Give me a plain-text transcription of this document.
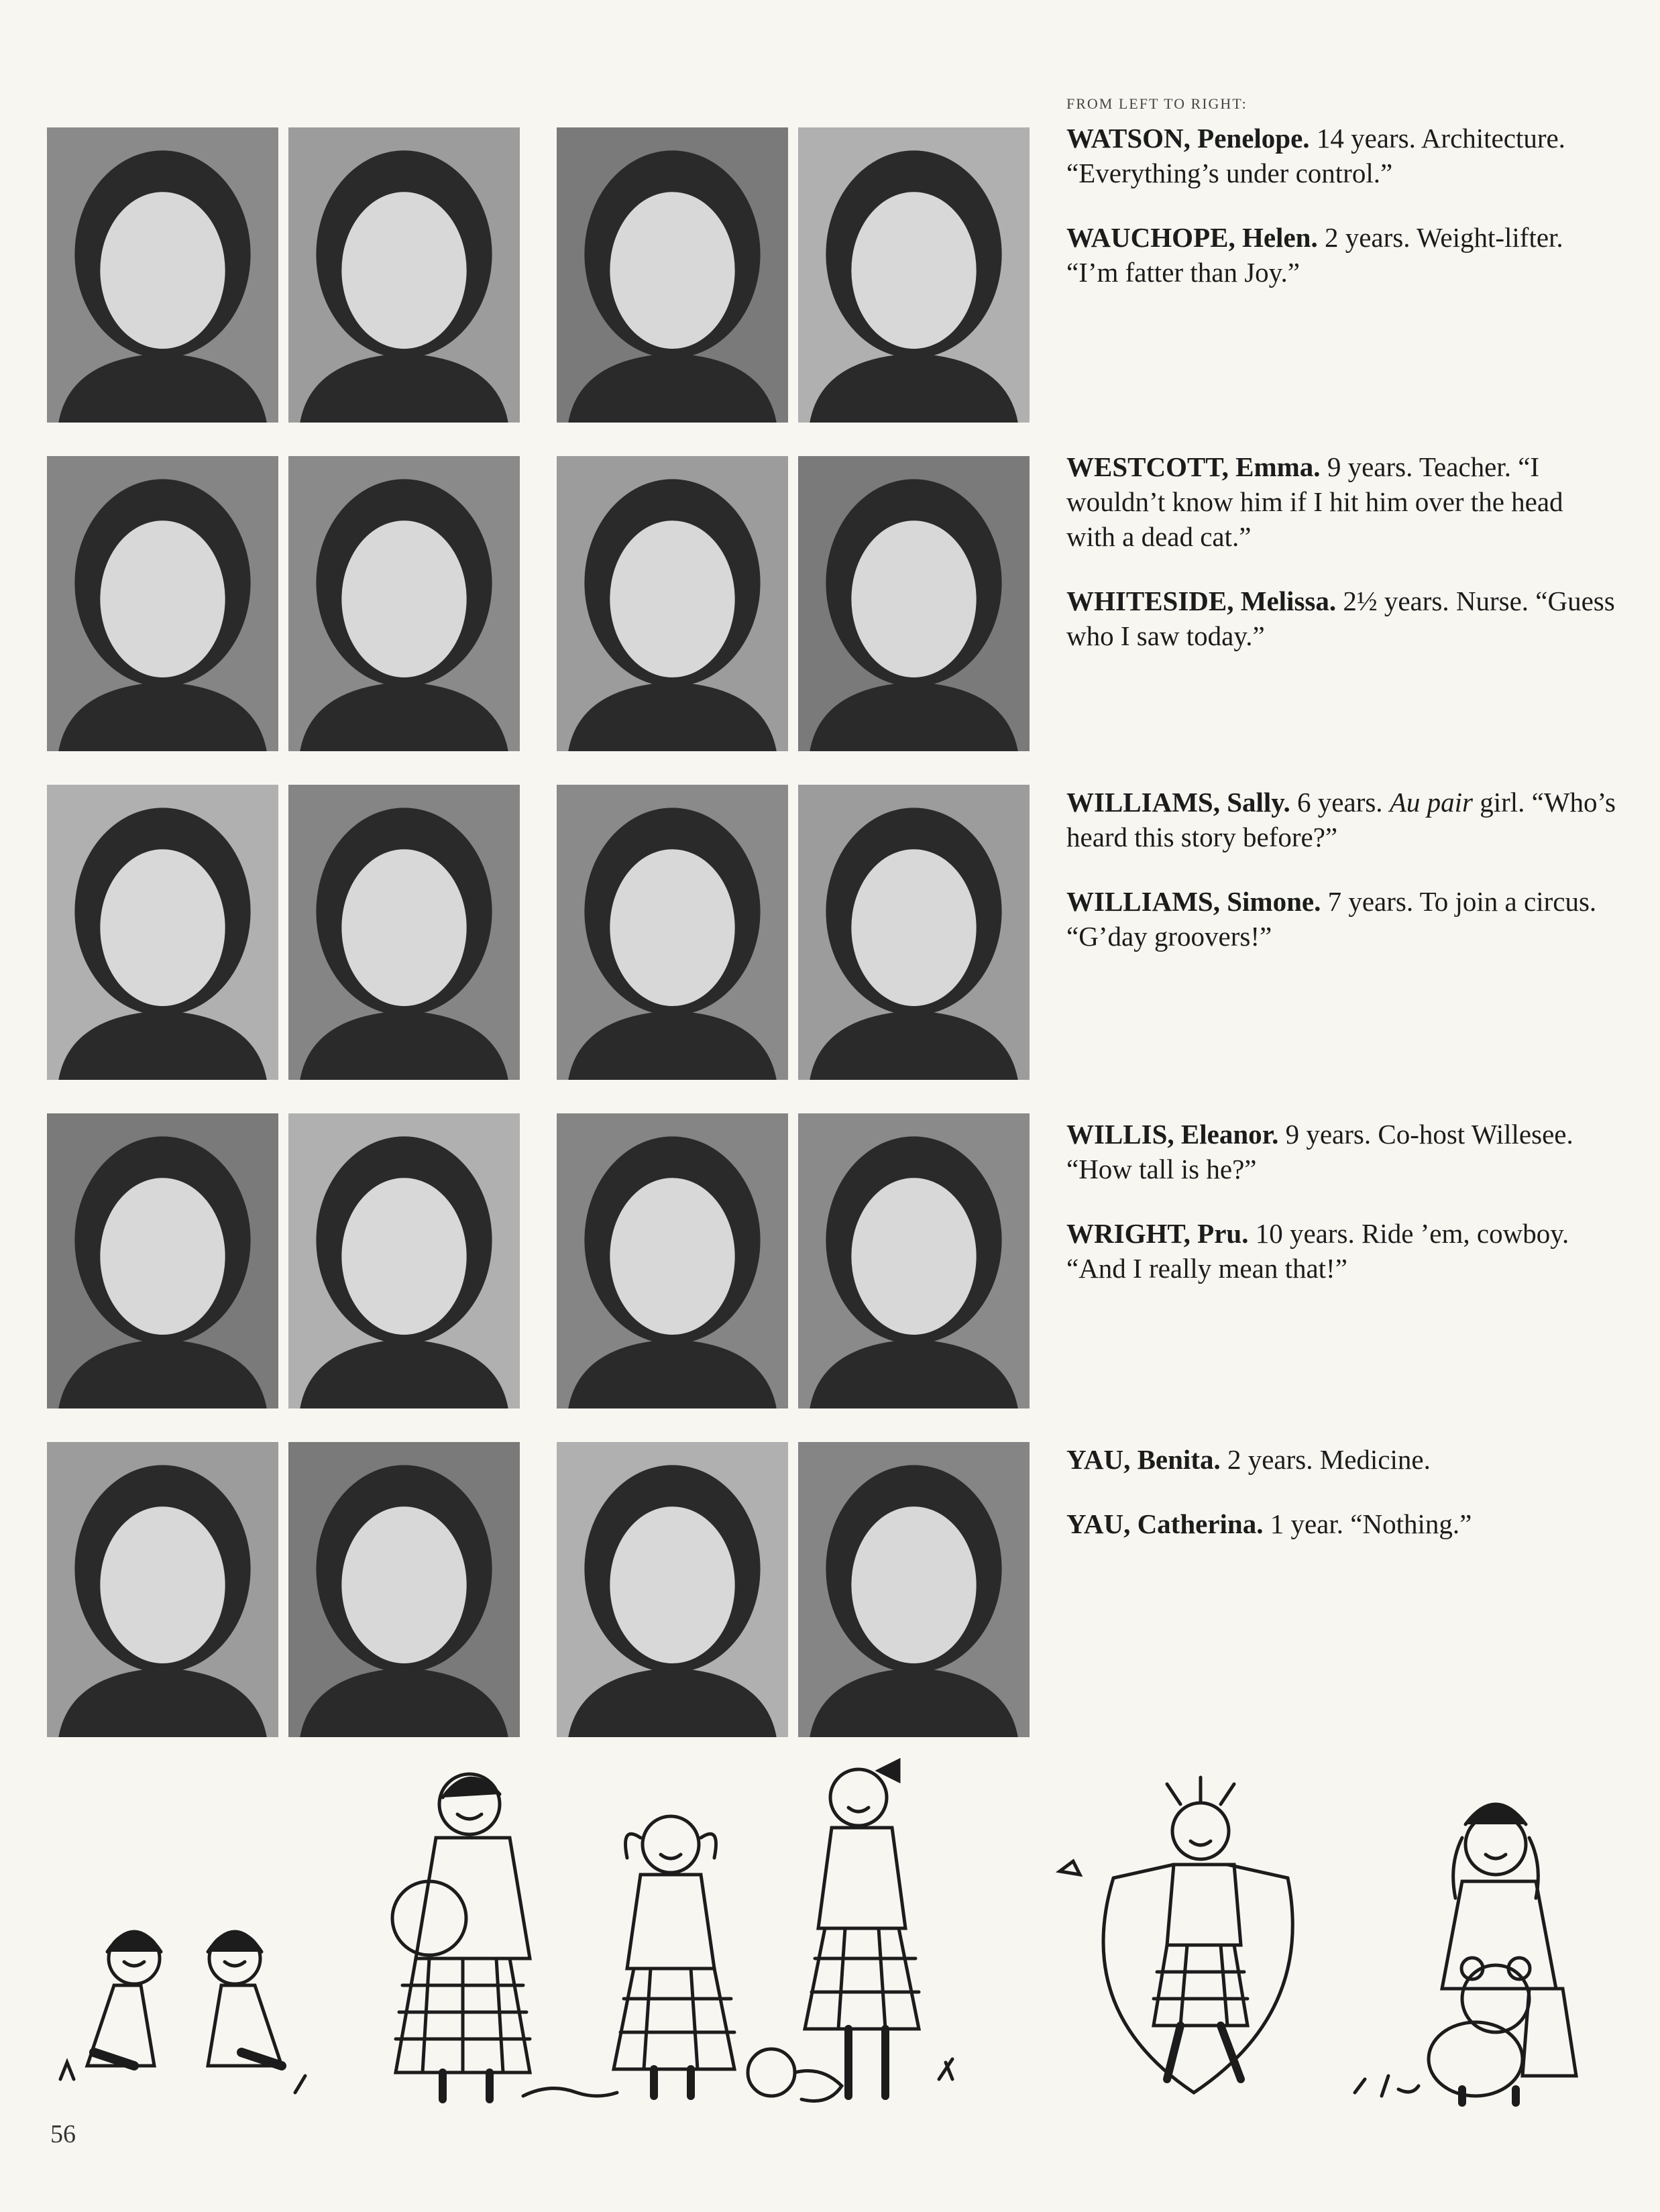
FROM LEFT TO RIGHT:

WATSON, Penelope. 14 years. Architecture. “Everything’s under control.”

WAUCHOPE, Helen. 2 years. Weight-lifter. “I’m fatter than Joy.”

WESTCOTT, Emma. 9 years. Teacher. “I wouldn’t know him if I hit him over the head with a dead cat.”

WHITESIDE, Melissa. 2½ years. Nurse. “Guess who I saw today.”

WILLIAMS, Sally. 6 years. Au pair girl. “Who’s heard this story before?”

WILLIAMS, Simone. 7 years. To join a circus. “G’day groovers!”

WILLIS, Eleanor. 9 years. Co-host Willesee. “How tall is he?”

WRIGHT, Pru. 10 years. Ride ’em, cowboy. “And I really mean that!”

YAU, Benita. 2 years. Medicine.

YAU, Catherina. 1 year. “Nothing.”

56
